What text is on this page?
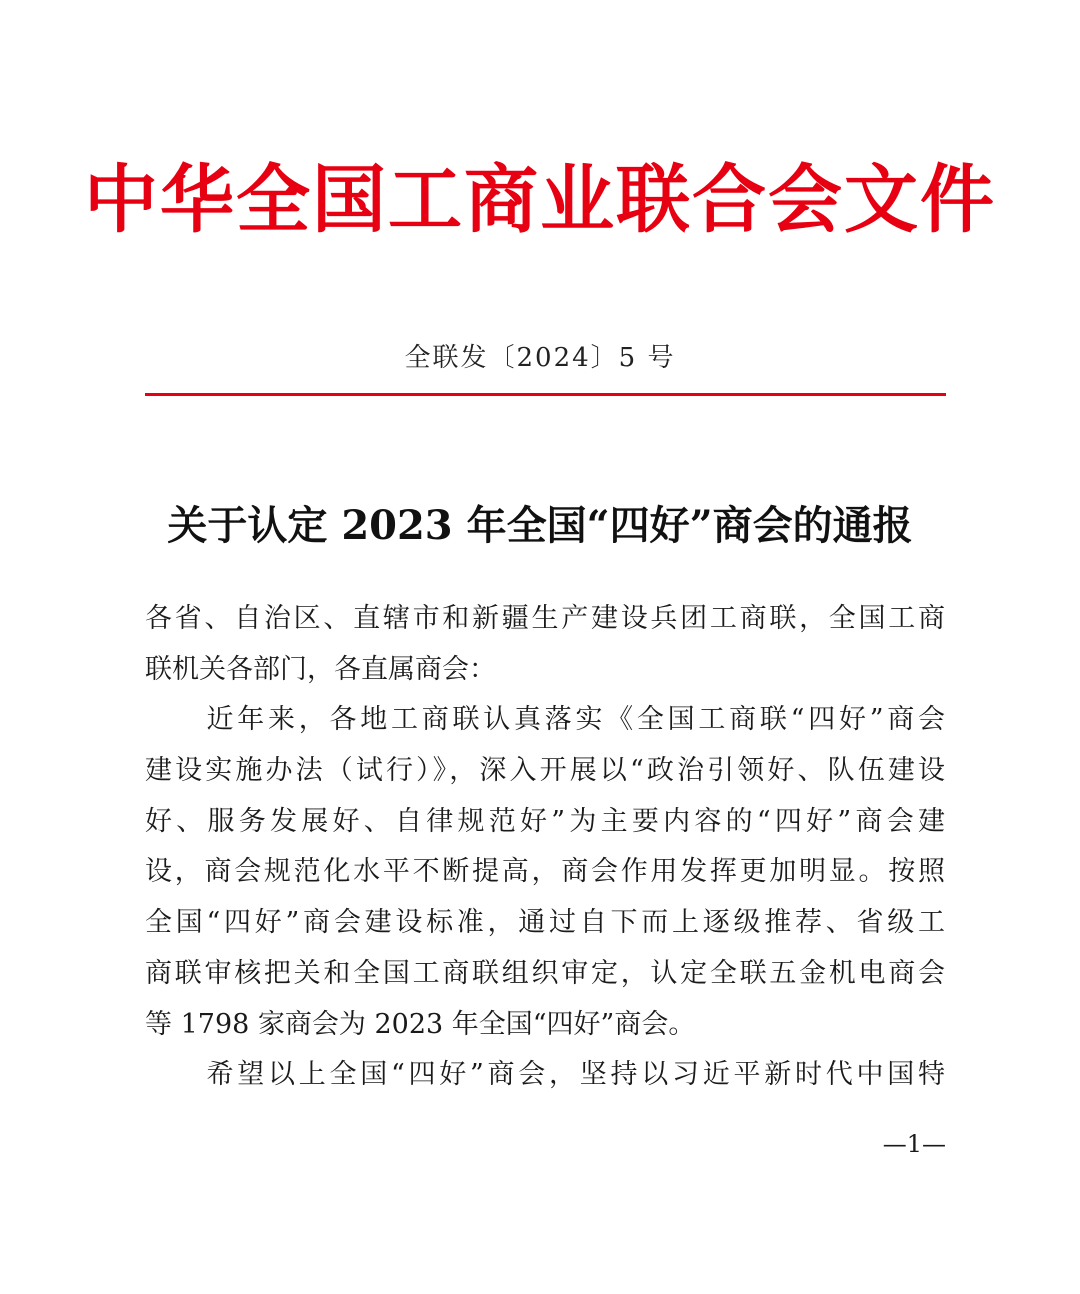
中华全国工商业联合会文件
全联发〔2024〕5 号
关于认定 2023 年全国“四好”商会的通报
各省、自治区、直辖市和新疆生产建设兵团工商联，全国工商
联机关各部门，各直属商会：
　　近年来，各地工商联认真落实《全国工商联“四好”商会
建设实施办法（试行）》，深入开展以“政治引领好、队伍建设
好、服务发展好、自律规范好”为主要内容的“四好”商会建
设，商会规范化水平不断提高，商会作用发挥更加明显。按照
全国“四好”商会建设标准，通过自下而上逐级推荐、省级工
商联审核把关和全国工商联组织审定，认定全联五金机电商会
等 1798 家商会为 2023 年全国“四好”商会。
　　希望以上全国“四好”商会，坚持以习近平新时代中国特
—1—
